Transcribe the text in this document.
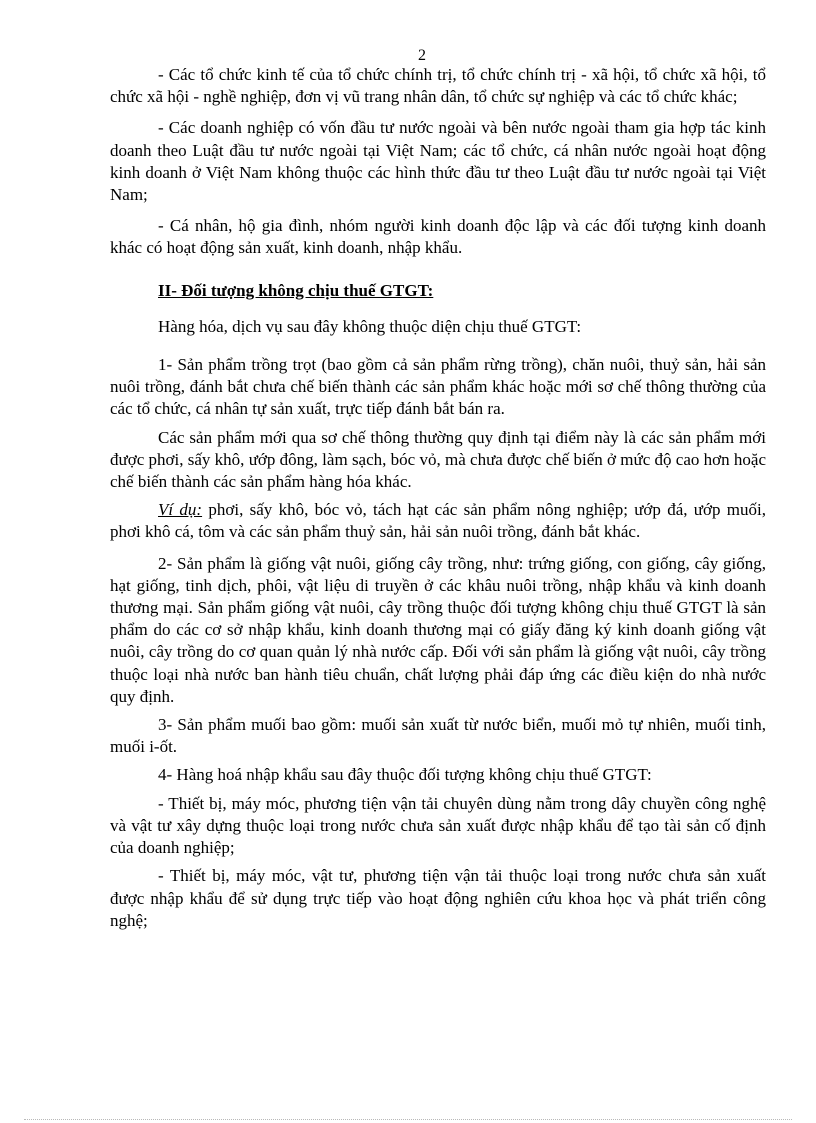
2

- Các tổ chức kinh tế của tổ chức chính trị, tổ chức chính trị - xã hội, tổ chức xã hội, tổ chức xã hội - nghề nghiệp, đơn vị vũ trang nhân dân, tổ chức sự nghiệp và các tổ chức khác;

- Các doanh nghiệp có vốn đầu tư nước ngoài và bên nước ngoài tham gia hợp tác kinh doanh theo Luật đầu tư nước ngoài tại Việt Nam; các tổ chức, cá nhân nước ngoài hoạt động kinh doanh ở Việt Nam không thuộc các hình thức đầu tư theo Luật đầu tư nước ngoài tại Việt Nam;

- Cá nhân, hộ gia đình, nhóm người kinh doanh độc lập và các đối tượng kinh doanh khác có hoạt động sản xuất, kinh doanh, nhập khẩu.

II- Đối tượng không chịu thuế GTGT:

Hàng hóa, dịch vụ sau đây không thuộc diện chịu thuế GTGT:

1- Sản phẩm trồng trọt (bao gồm cả sản phẩm rừng trồng), chăn nuôi, thuỷ sản, hải sản nuôi trồng, đánh bắt chưa chế biến thành các sản phẩm khác hoặc mới sơ chế thông thường của các tổ chức, cá nhân tự sản xuất, trực tiếp đánh bắt bán ra.

Các sản phẩm mới qua sơ chế thông thường quy định tại điểm này là các sản phẩm mới được phơi, sấy khô, ướp đông, làm sạch, bóc vỏ, mà chưa được chế biến ở mức độ cao hơn hoặc chế biến thành các sản phẩm hàng hóa khác.

Ví dụ: phơi, sấy khô, bóc vỏ, tách hạt các sản phẩm nông nghiệp; ướp đá, ướp muối, phơi khô cá, tôm và các sản phẩm thuỷ sản, hải sản nuôi trồng, đánh bắt khác.

2- Sản phẩm là giống vật nuôi, giống cây trồng, như: trứng giống, con giống, cây giống, hạt giống, tinh dịch, phôi, vật liệu di truyền ở các khâu nuôi trồng, nhập khẩu và kinh doanh thương mại. Sản phẩm giống vật nuôi, cây trồng thuộc đối tượng không chịu thuế GTGT là sản phẩm do các cơ sở nhập khẩu, kinh doanh thương mại có giấy đăng ký kinh doanh giống vật nuôi, cây trồng do cơ quan quản lý nhà nước cấp. Đối với sản phẩm là giống vật nuôi, cây trồng thuộc loại nhà nước ban hành tiêu chuẩn, chất lượng phải đáp ứng các điều kiện do nhà nước quy định.

3- Sản phẩm muối bao gồm: muối sản xuất từ nước biển, muối mỏ tự nhiên, muối tinh, muối i-ốt.

4- Hàng hoá nhập khẩu sau đây thuộc đối tượng không chịu thuế GTGT:

- Thiết bị, máy móc, phương tiện vận tải chuyên dùng nằm trong dây chuyền công nghệ và vật tư xây dựng thuộc loại trong nước chưa sản xuất được nhập khẩu để tạo tài sản cố định của doanh nghiệp;

- Thiết bị, máy móc, vật tư, phương tiện vận tải thuộc loại trong nước chưa sản xuất được nhập khẩu để sử dụng trực tiếp vào hoạt động nghiên cứu khoa học và phát triển công nghệ;
